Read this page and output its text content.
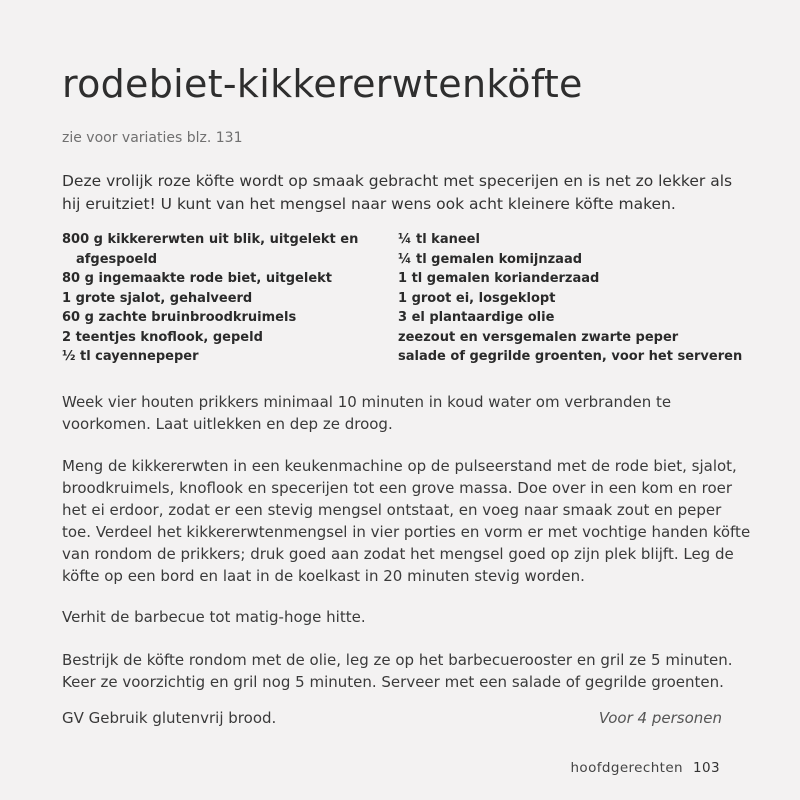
rodebiet-kikkererwtenköfte
zie voor variaties blz. 131

Deze vrolijk roze köfte wordt op smaak gebracht met specerijen en is net zo lekker als hij eruitziet! U kunt van het mengsel naar wens ook acht kleinere köfte maken.

800 g kikkererwten uit blik, uitgelekt en
afgespoeld
80 g ingemaakte rode biet, uitgelekt
1 grote sjalot, gehalveerd
60 g zachte bruinbroodkruimels
2 teentjes knoflook, gepeld
½ tl cayennepeper
¼ tl kaneel
¼ tl gemalen komijnzaad
1 tl gemalen korianderzaad
1 groot ei, losgeklopt
3 el plantaardige olie
zeezout en versgemalen zwarte peper
salade of gegrilde groenten, voor het serveren

Week vier houten prikkers minimaal 10 minuten in koud water om verbranden te voorkomen. Laat uitlekken en dep ze droog.

Meng de kikkererwten in een keukenmachine op de pulseerstand met de rode biet, sjalot, broodkruimels, knoflook en specerijen tot een grove massa. Doe over in een kom en roer het ei erdoor, zodat er een stevig mengsel ontstaat, en voeg naar smaak zout en peper toe. Verdeel het kikkererwtenmengsel in vier porties en vorm er met vochtige handen köfte van rondom de prikkers; druk goed aan zodat het mengsel goed op zijn plek blijft. Leg de köfte op een bord en laat in de koelkast in 20 minuten stevig worden.

Verhit de barbecue tot matig-hoge hitte.

Bestrijk de köfte rondom met de olie, leg ze op het barbecuerooster en gril ze 5 minuten. Keer ze voorzichtig en gril nog 5 minuten. Serveer met een salade of gegrilde groenten.

GV Gebruik glutenvrij brood.	Voor 4 personen
hoofdgerechten 103
